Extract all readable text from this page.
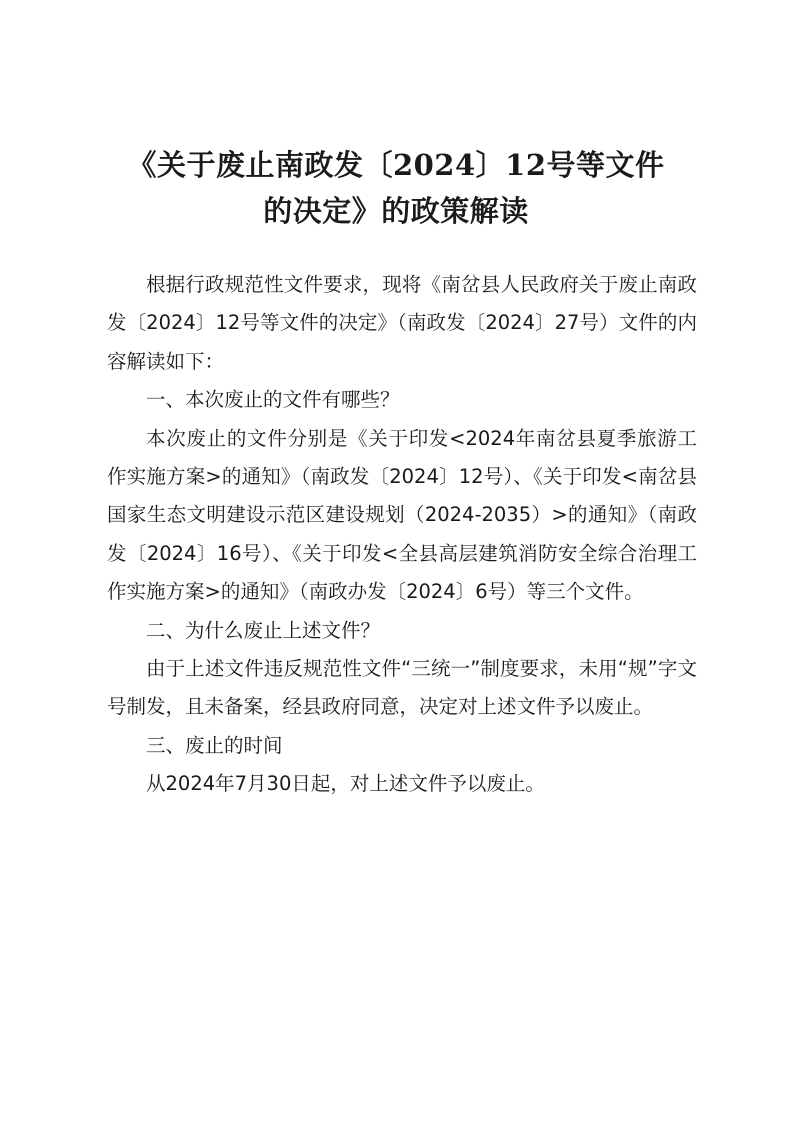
《关于废止南政发〔2024〕12号等文件
的决定》的政策解读

根据行政规范性文件要求，现将《南岔县人民政府关于废止南政发〔2024〕12号等文件的决定》（南政发〔2024〕27号）文件的内容解读如下：

一、本次废止的文件有哪些？

本次废止的文件分别是《关于印发<2024年南岔县夏季旅游工作实施方案>的通知》（南政发〔2024〕12号）、《关于印发<南岔县国家生态文明建设示范区建设规划（2024-2035）>的通知》（南政发〔2024〕16号）、《关于印发<全县高层建筑消防安全综合治理工作实施方案>的通知》（南政办发〔2024〕6号）等三个文件。

二、为什么废止上述文件？

由于上述文件违反规范性文件“三统一”制度要求，未用“规”字文号制发，且未备案，经县政府同意，决定对上述文件予以废止。

三、废止的时间

从2024年7月30日起，对上述文件予以废止。
